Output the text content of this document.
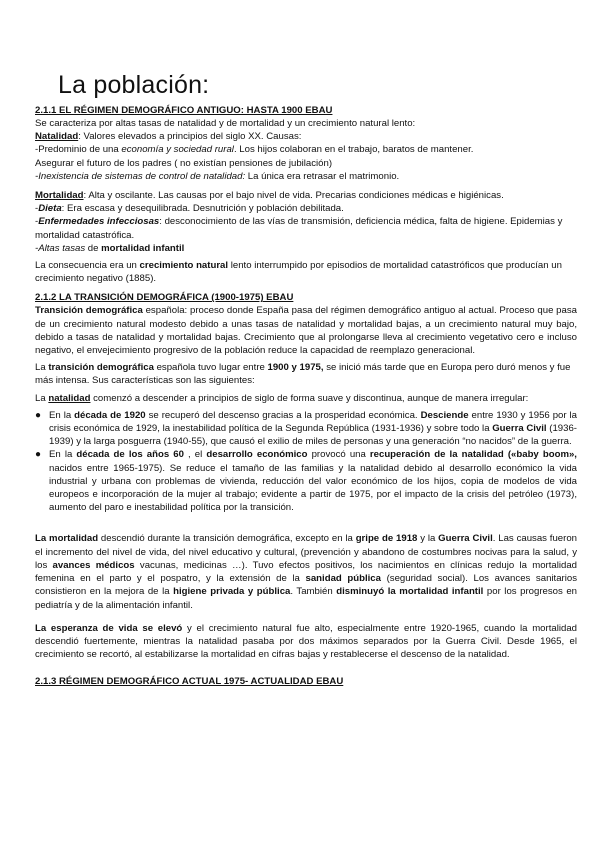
La población:
2.1.1 EL RÉGIMEN DEMOGRÁFICO ANTIGUO: HASTA 1900 EBAU

Se caracteriza por altas tasas de natalidad y de mortalidad y un crecimiento natural lento:

Natalidad: Valores elevados a principios del siglo XX. Causas:

-Predominio de una economía y sociedad rural. Los hijos colaboran en el trabajo, baratos de mantener.

Asegurar el futuro de los padres ( no existían pensiones de jubilación)

-Inexistencia de sistemas de control de natalidad: La única era retrasar el matrimonio.

Mortalidad: Alta y oscilante. Las causas por el bajo nivel de vida. Precarias condiciones médicas e higiénicas.

-Dieta: Era escasa y desequilibrada. Desnutrición y población debilitada.

-Enfermedades infecciosas: desconocimiento de las vías de transmisión, deficiencia médica, falta de higiene. Epidemias y mortalidad catastrófica.

-Altas tasas de mortalidad infantil

La consecuencia era un crecimiento natural lento interrumpido por episodios de mortalidad catastróficos que producían un crecimiento negativo (1885).

2.1.2 LA TRANSICIÓN DEMOGRÁFICA (1900-1975) EBAU

Transición demográfica española: proceso donde España pasa del régimen demográfico antiguo al actual. Proceso que pasa de un crecimiento natural modesto debido a unas tasas de natalidad y mortalidad bajas, a un crecimiento natural muy bajo, debido a tasas de natalidad y mortalidad bajas. Crecimiento que al prolongarse lleva al crecimiento vegetativo cero e incluso negativo, el envejecimiento progresivo de la población reduce la capacidad de reemplazo generacional.

La transición demográfica española tuvo lugar entre 1900 y 1975, se inició más tarde que en Europa pero duró menos y fue más intensa. Sus características son las siguientes:

La natalidad comenzó a descender a principios de siglo de forma suave y discontinua, aunque de manera irregular:

● En la década de 1920 se recuperó del descenso gracias a la prosperidad económica. Desciende entre 1930 y 1956 por la crisis económica de 1929, la inestabilidad política de la Segunda República (1931-1936) y sobre todo la Guerra Civil (1936-1939) y la larga posguerra (1940-55), que causó el exilio de miles de personas y una generación “no nacidos” de la guerra.
● En la década de los años 60 , el desarrollo económico provocó una recuperación de la natalidad («baby boom», nacidos entre 1965-1975). Se reduce el tamaño de las familias y la natalidad debido al desarrollo económico la vida industrial y urbana con problemas de vivienda, reducción del valor económico de los hijos, copia de modelos de vida europeos e incorporación de la mujer al trabajo; evidente a partir de 1975, por el impacto de la crisis del petróleo (1973), aumento del paro e inestabilidad política por la transición.

La mortalidad descendió durante la transición demográfica, excepto en la gripe de 1918 y la Guerra Civil. Las causas fueron el incremento del nivel de vida, del nivel educativo y cultural, (prevención y abandono de costumbres nocivas para la salud, y los avances médicos vacunas, medicinas …). Tuvo efectos positivos, los nacimientos en clínicas redujo la mortalidad femenina en el parto y el pospatro, y la extensión de la sanidad pública (seguridad social). Los avances sanitarios consistieron en la mejora de la higiene privada y pública. También disminuyó la mortalidad infantil por los progresos en pediatría y de la alimentación infantil.

La esperanza de vida se elevó y el crecimiento natural fue alto, especialmente entre 1920-1965, cuando la mortalidad descendió fuertemente, mientras la natalidad pasaba por dos máximos separados por la Guerra Civil. Desde 1965, el crecimiento se recortó, al estabilizarse la mortalidad en cifras bajas y restablecerse el descenso de la natalidad.

2.1.3 RÉGIMEN DEMOGRÁFICO ACTUAL 1975- ACTUALIDAD EBAU
